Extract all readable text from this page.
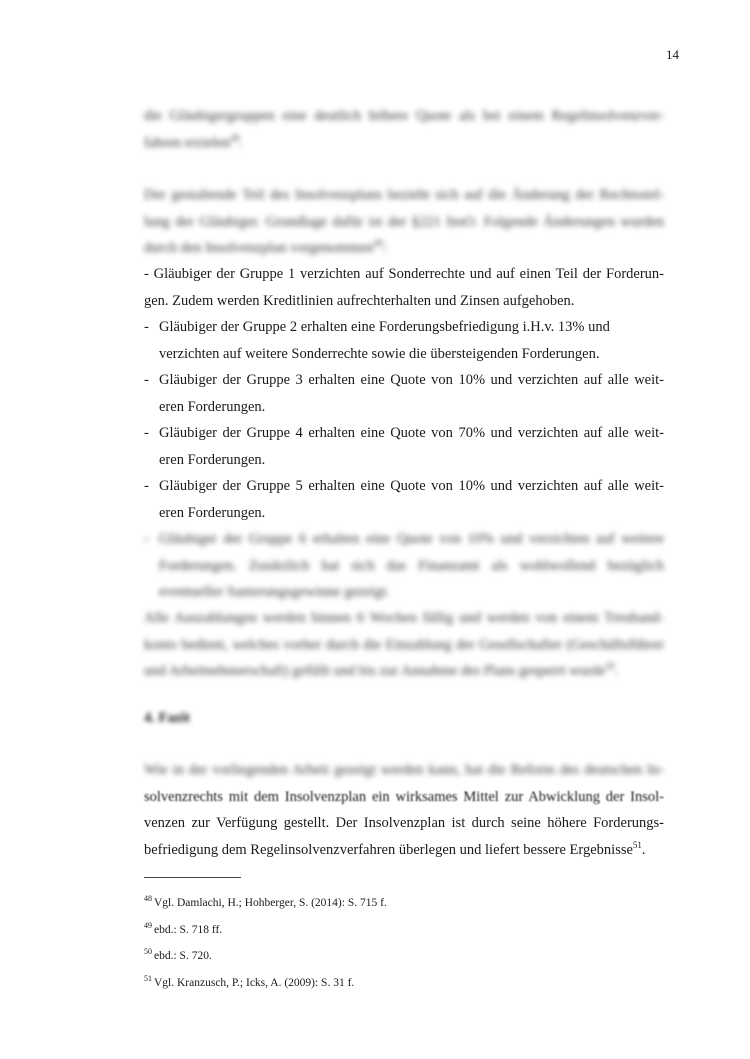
14
die Gläubigergruppen eine deutlich höhere Quote als bei einem Regelinsolvenzver-
fahren erzielen$^{48}$.
Der gestaltende Teil des Insolvenzplans bezieht sich auf die Änderung der Rechtsstel-
lung der Gläubiger. Grundlage dafür ist der §221 InsO. Folgende Änderungen wurden
durch den Insolvenzplan vorgenommen$^{49}$:
- Gläubiger der Gruppe 1 verzichten auf Sonderrechte und auf einen Teil der Forderun-
gen. Zudem werden Kreditlinien aufrechterhalten und Zinsen aufgehoben.
- Gläubiger der Gruppe 2 erhalten eine Forderungsbefriedigung i.H.v. 13% und
verzichten auf weitere Sonderrechte sowie die übersteigenden Forderungen.
- Gläubiger der Gruppe 3 erhalten eine Quote von 10% und verzichten auf alle weit-
eren Forderungen.
- Gläubiger der Gruppe 4 erhalten eine Quote von 70% und verzichten auf alle weit-
eren Forderungen.
- Gläubiger der Gruppe 5 erhalten eine Quote von 10% und verzichten auf alle weit-
eren Forderungen.
- Gläubiger der Gruppe 6 erhalten eine Quote von 10% und verzichten auf weitere
Forderungen. Zusätzlich hat sich das Finanzamt als wohlwollend bezüglich
eventueller Sanierungsgewinne gezeigt.
Alle Auszahlungen werden binnen 6 Wochen fällig und werden von einem Treuhand-
konto bedient, welches vorher durch die Einzahlung der Gesellschafter (Geschäftsführer
und Arbeitnehmerschaft) gefüllt und bis zur Annahme des Plans gesperrt wurde$^{50}$.
4. Fazit
Wie in der vorliegenden Arbeit gezeigt werden kann, hat die Reform des deutschen In-
solvenzrechts mit dem Insolvenzplan ein wirksames Mittel zur Abwicklung der Insol-
venzen zur Verfügung gestellt. Der Insolvenzplan ist durch seine höhere Forderungs-
befriedigung dem Regelinsolvenzverfahren überlegen und liefert bessere Ergebnisse$^{51}$.
$^{48}$ Vgl. Damlachi, H.; Hohberger, S. (2014): S. 715 f.
$^{49}$ ebd.: S. 718 ff.
$^{50}$ ebd.: S. 720.
$^{51}$ Vgl. Kranzusch, P.; Icks, A. (2009): S. 31 f.
